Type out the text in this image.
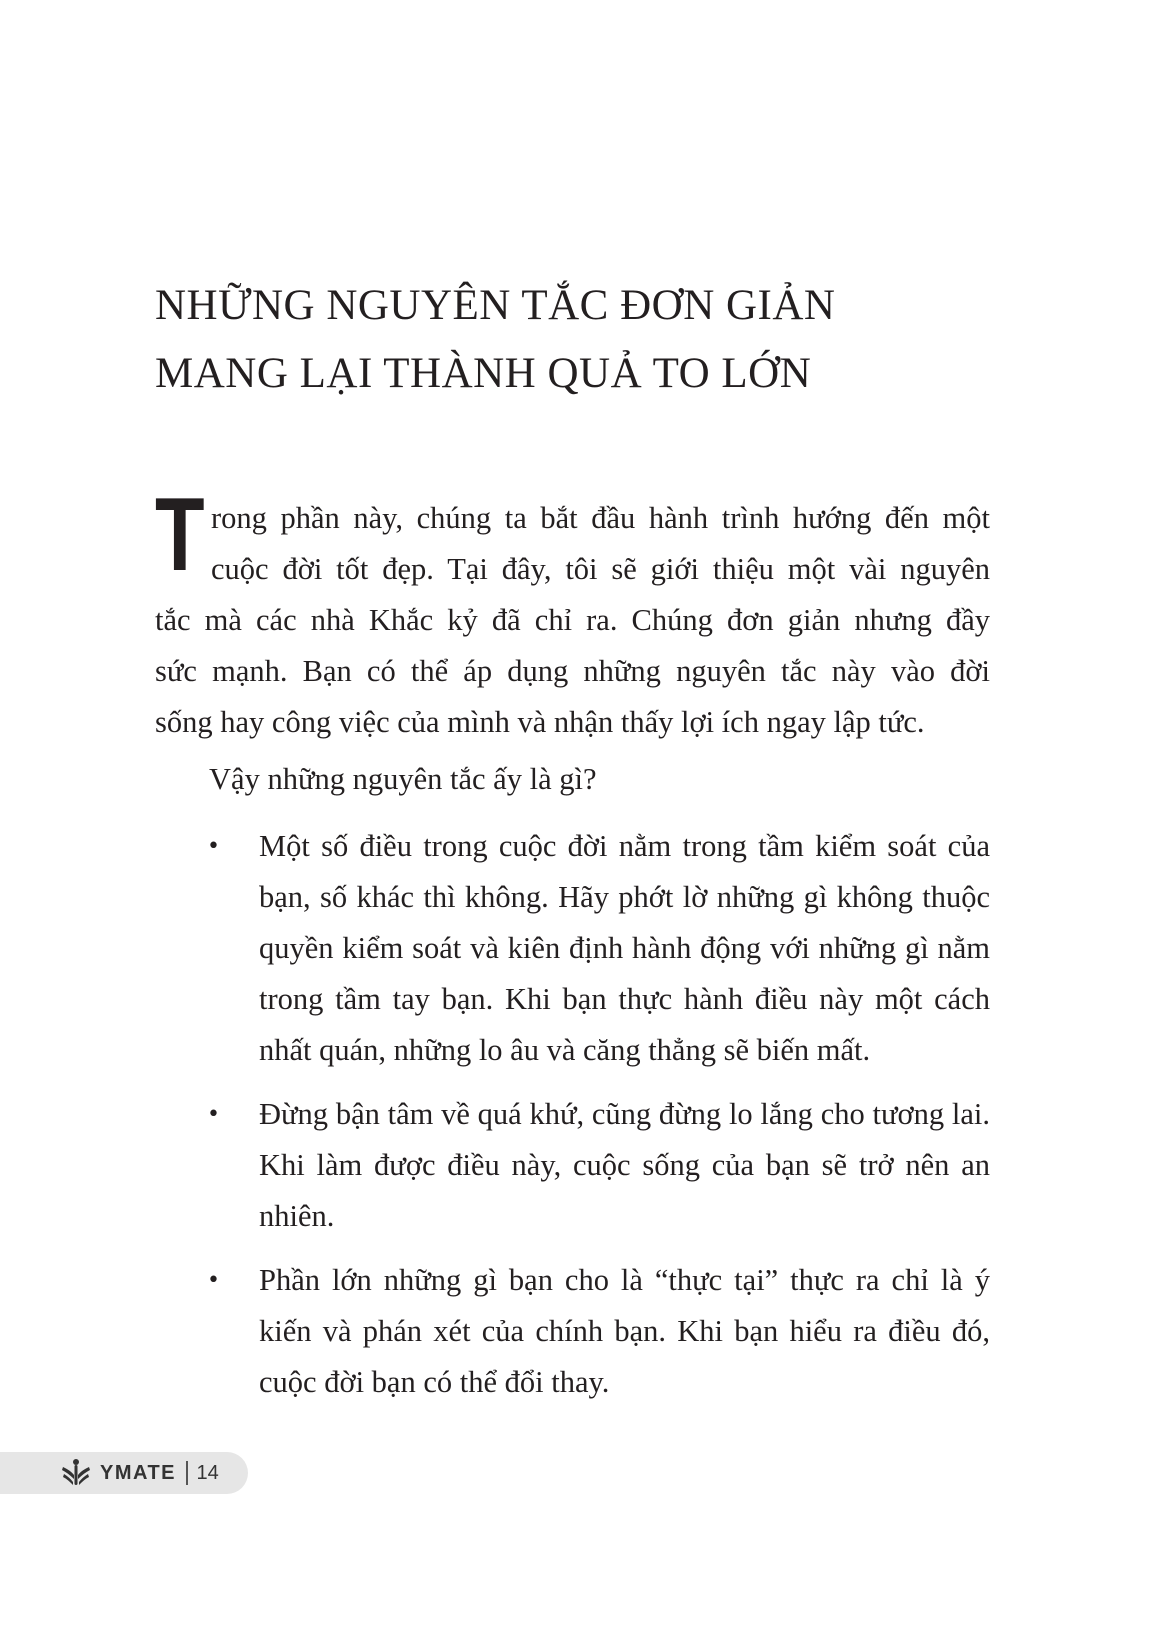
NHỮNG NGUYÊN TẮC ĐƠN GIẢN
MANG LẠI THÀNH QUẢ TO LỚN
T rong phần này, chúng ta bắt đầu hành trình hướng đến một
cuộc đời tốt đẹp. Tại đây, tôi sẽ giới thiệu một vài nguyên
tắc mà các nhà Khắc kỷ đã chỉ ra. Chúng đơn giản nhưng đầy
sức mạnh. Bạn có thể áp dụng những nguyên tắc này vào đời
sống hay công việc của mình và nhận thấy lợi ích ngay lập tức.

Vậy những nguyên tắc ấy là gì?

• Một số điều trong cuộc đời nằm trong tầm kiểm soát của bạn, số khác thì không. Hãy phớt lờ những gì không thuộc quyền kiểm soát và kiên định hành động với những gì nằm trong tầm tay bạn. Khi bạn thực hành điều này một cách nhất quán, những lo âu và căng thẳng sẽ biến mất.
• Đừng bận tâm về quá khứ, cũng đừng lo lắng cho tương lai. Khi làm được điều này, cuộc sống của bạn sẽ trở nên an nhiên.
• Phần lớn những gì bạn cho là “thực tại” thực ra chỉ là ý kiến và phán xét của chính bạn. Khi bạn hiểu ra điều đó, cuộc đời bạn có thể đổi thay.
YMATE 14
